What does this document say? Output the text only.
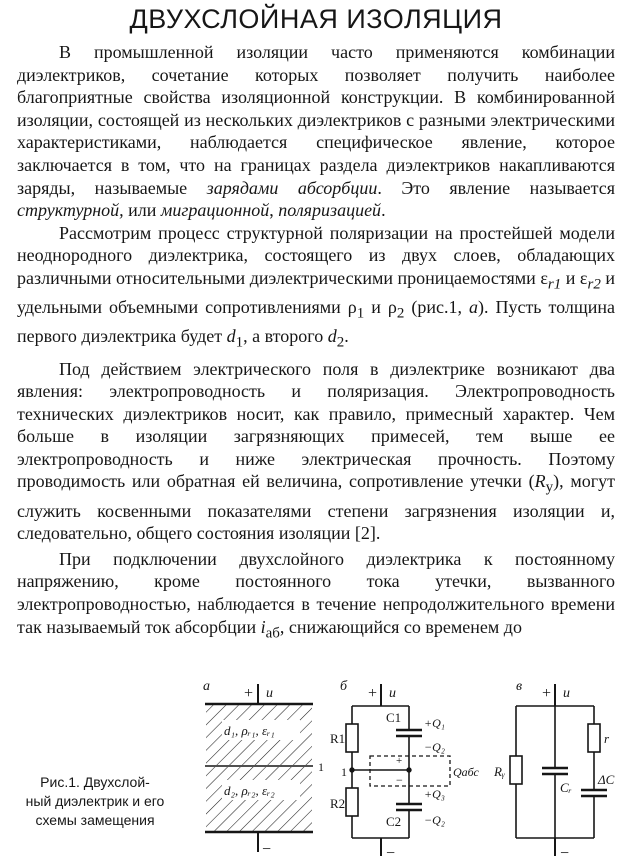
ДВУХСЛОЙНАЯ ИЗОЛЯЦИЯ

В промышленной изоляции часто применяются комбинации диэлектриков, сочетание которых позволяет получить наиболее благоприятные свойства изоляционной конструкции. В комбинированной изоляции, состоящей из нескольких диэлектриков с разными электрическими характеристиками, наблюдается специфическое явление, которое заключается в том, что на границах раздела диэлектриков накапливаются заряды, называемые зарядами абсорбции. Это явление называется структурной, или миграционной, поляризацией.

Рассмотрим процесс структурной поляризации на простейшей модели неоднородного диэлектрика, состоящего из двух слоев, обладающих различными относительными диэлектрическими проницаемостями $\varepsilon_{r1}$ и $\varepsilon_{r2}$ и удельными объемными сопротивлениями $\rho_1$ и $\rho_2$ (рис.1, а). Пусть толщина первого диэлектрика будет $d_1$, а второго $d_2$.

Под действием электрического поля в диэлектрике возникают два явления: электропроводность и поляризация. Электропроводность технических диэлектриков носит, как правило, примесный характер. Чем больше в изоляции загрязняющих примесей, тем выше ее электропроводность и ниже электрическая прочность. Поэтому проводимость или обратная ей величина, сопротивление утечки $(R_y)$, могут служить косвенными показателями степени загрязнения изоляции и, следовательно, общего состояния изоляции [2].

При подключении двухслойного диэлектрика к постоянному напряжению, кроме постоянного тока утечки, вызванного электропроводностью, наблюдается в течение непродолжительного времени так называемый ток абсорбции $i_{аб}$, снижающийся со временем до

а + u
d₁, ρᵣ₁, εᵣ₁
1
d₂, ρᵣ₂, εᵣ₂
−
б + u
R1
R2
1
C1
C2
−
+Q₁
−Q₂
+Q₃
−Q₂
+
−
Qабс
в + u
Rᵧ
Cᵣ
r
ΔC
−
Рис.1. Двухслой-
ный диэлектрик и его
схемы замещения
